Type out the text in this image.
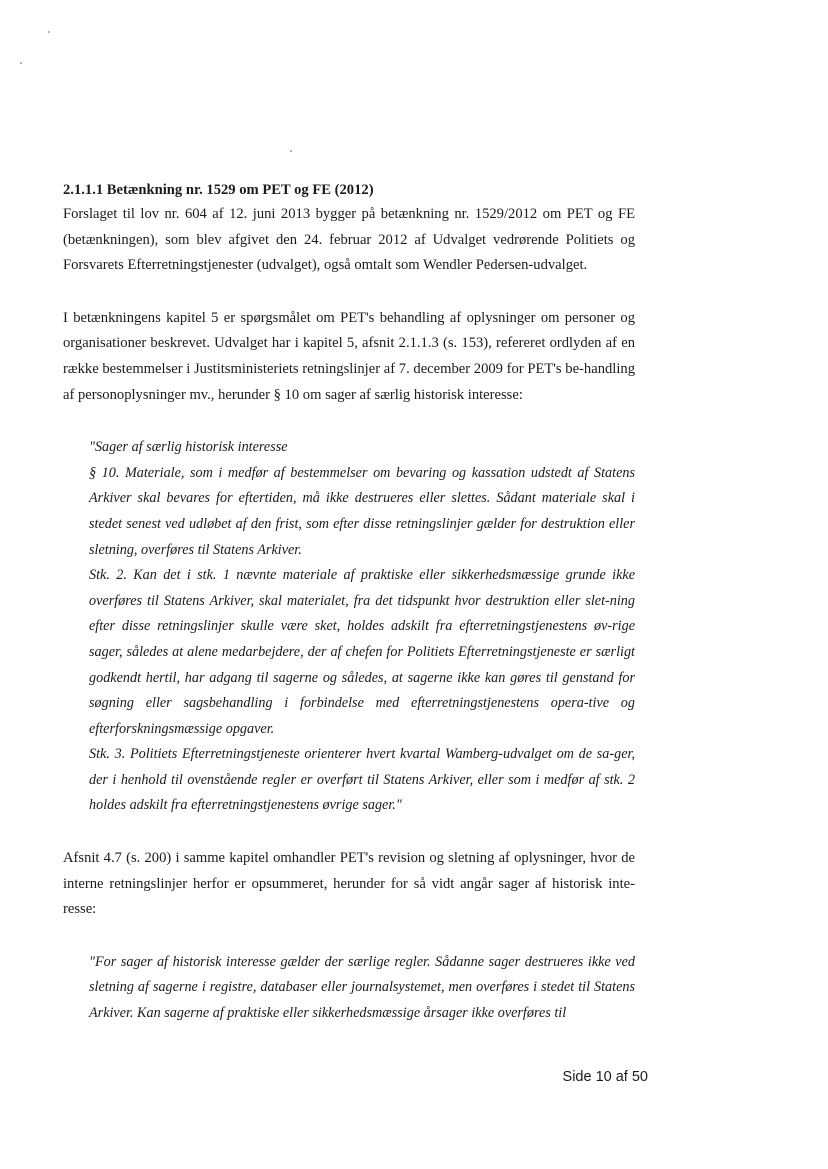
2.1.1.1 Betænkning nr. 1529 om PET og FE (2012)

Forslaget til lov nr. 604 af 12. juni 2013 bygger på betænkning nr. 1529/2012 om PET og FE (betænkningen), som blev afgivet den 24. februar 2012 af Udvalget vedrørende Politiets og Forsvarets Efterretningstjenester (udvalget), også omtalt som Wendler Pedersen-udvalget.

I betænkningens kapitel 5 er spørgsmålet om PET's behandling af oplysninger om personer og organisationer beskrevet. Udvalget har i kapitel 5, afsnit 2.1.1.3 (s. 153), refereret ordlyden af en række bestemmelser i Justitsministeriets retningslinjer af 7. december 2009 for PET's be-handling af personoplysninger mv., herunder § 10 om sager af særlig historisk interesse:

"Sager af særlig historisk interesse

§ 10. Materiale, som i medfør af bestemmelser om bevaring og kassation udstedt af Statens Arkiver skal bevares for eftertiden, må ikke destrueres eller slettes. Sådant materiale skal i stedet senest ved udløbet af den frist, som efter disse retningslinjer gælder for destruktion eller sletning, overføres til Statens Arkiver.

Stk. 2. Kan det i stk. 1 nævnte materiale af praktiske eller sikkerhedsmæssige grunde ikke overføres til Statens Arkiver, skal materialet, fra det tidspunkt hvor destruktion eller slet-ning efter disse retningslinjer skulle være sket, holdes adskilt fra efterretningstjenestens øv-rige sager, således at alene medarbejdere, der af chefen for Politiets Efterretningstjeneste er særligt godkendt hertil, har adgang til sagerne og således, at sagerne ikke kan gøres til genstand for søgning eller sagsbehandling i forbindelse med efterretningstjenestens opera-tive og efterforskningsmæssige opgaver.

Stk. 3. Politiets Efterretningstjeneste orienterer hvert kvartal Wamberg-udvalget om de sa-ger, der i henhold til ovenstående regler er overført til Statens Arkiver, eller som i medfør af stk. 2 holdes adskilt fra efterretningstjenestens øvrige sager."

Afsnit 4.7 (s. 200) i samme kapitel omhandler PET's revision og sletning af oplysninger, hvor de interne retningslinjer herfor er opsummeret, herunder for så vidt angår sager af historisk inte-resse:

"For sager af historisk interesse gælder der særlige regler. Sådanne sager destrueres ikke ved sletning af sagerne i registre, databaser eller journalsystemet, men overføres i stedet til Statens Arkiver. Kan sagerne af praktiske eller sikkerhedsmæssige årsager ikke overføres til

Side 10 af 50
